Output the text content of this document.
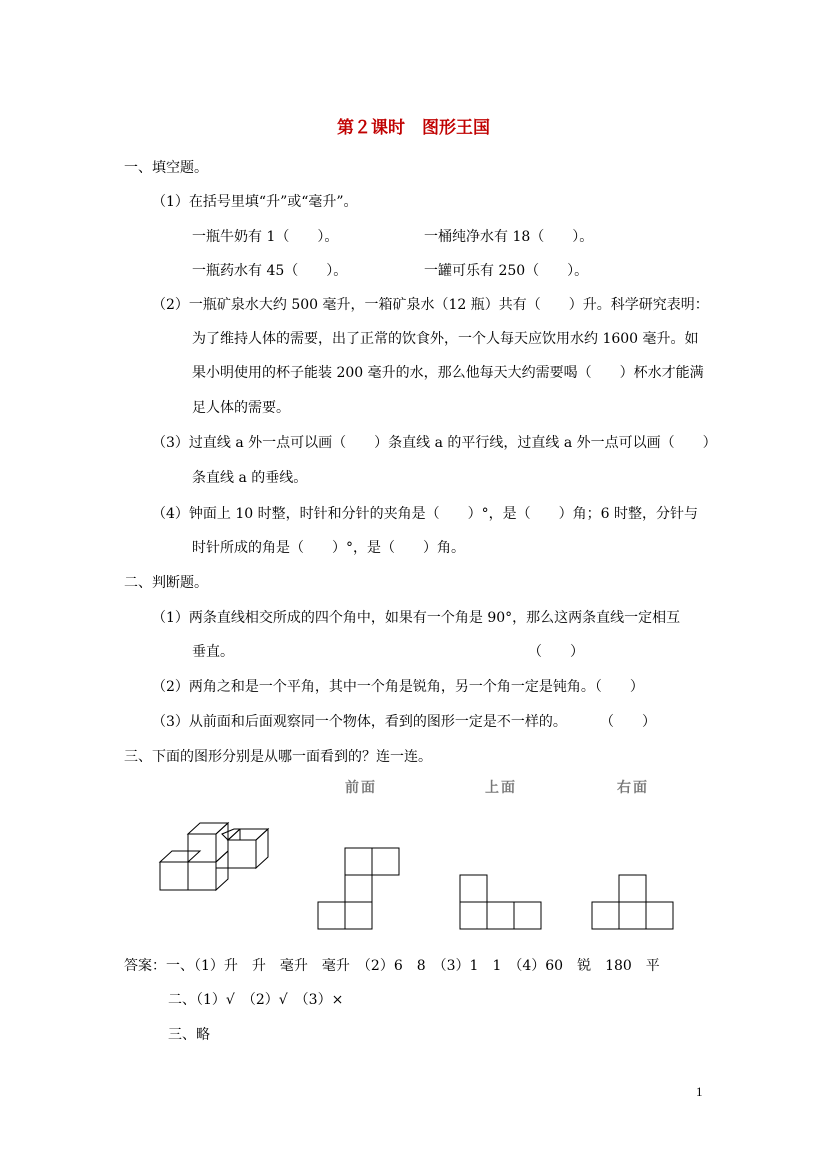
第２课时　图形王国
一、填空题。
（1）在括号里填“升”或“毫升”。
一瓶牛奶有 1（　　）。	一桶纯净水有 18（　　）。
一瓶药水有 45（　　）。	一罐可乐有 250（　　）。
（2）一瓶矿泉水大约 500 毫升，一箱矿泉水（12 瓶）共有（　　）升。科学研究表明：
为了维持人体的需要，出了正常的饮食外，一个人每天应饮用水约 1600 毫升。如
果小明使用的杯子能装 200 毫升的水，那么他每天大约需要喝（　　）杯水才能满
足人体的需要。
（3）过直线 a 外一点可以画（　　）条直线 a 的平行线，过直线 a 外一点可以画（　　）
条直线 a 的垂线。
（4）钟面上 10 时整，时针和分针的夹角是（　　）°，是（　　）角；6 时整，分针与
时针所成的角是（　　）°，是（　　）角。
二、判断题。
（1）两条直线相交所成的四个角中，如果有一个角是 90°，那么这两条直线一定相互
垂直。	（　　）
（2）两角之和是一个平角，其中一个角是锐角，另一个角一定是钝角。（　　）
（3）从前面和后面观察同一个物体，看到的图形一定是不一样的。 （　　）
三、下面的图形分别是从哪一面看到的？连一连。
前面	上面	右面
答案：一、（1）升　升　毫升　毫升　（2）6　8　（3）1　1　（4）60　锐　180　平
二、（1）√　（2）√　（3）×
三、略
1
